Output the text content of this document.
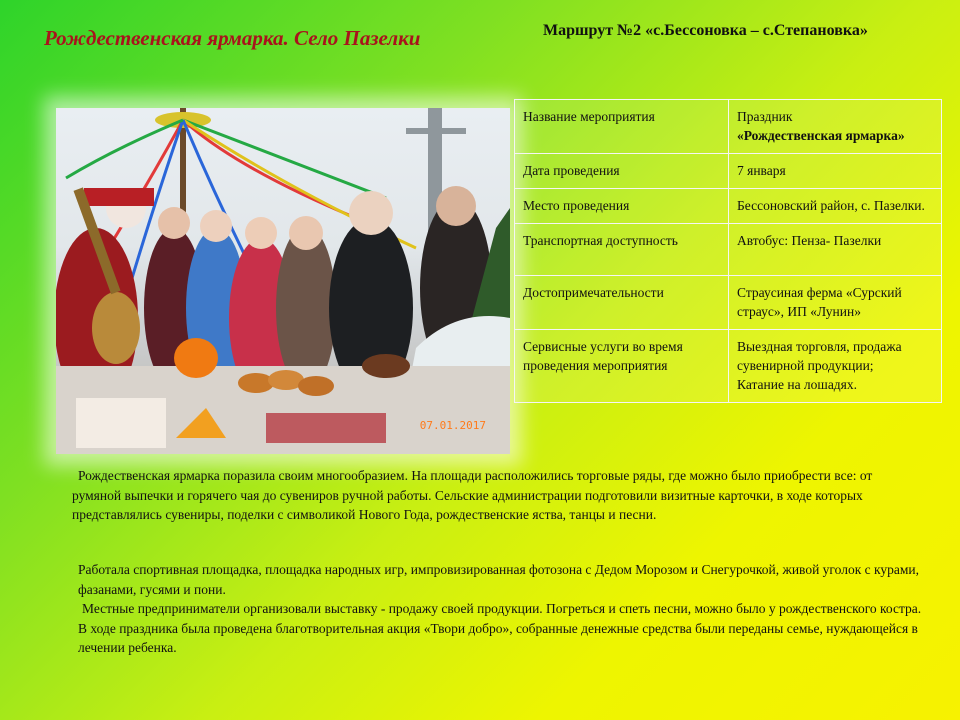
Рождественская ярмарка. Село Пазелки	Маршрут №2 «с.Бессоновка – с.Степановка»
07.01.2017
Название мероприятия	Праздник
«Рождественская ярмарка»
Дата проведения	7 января
Место проведения	Бессоновский район, с. Пазелки.
Транспортная доступность	Автобус: Пенза- Пазелки
Достопримечательности	Страусиная ферма «Сурский страус», ИП «Лунин»
Сервисные услуги во время проведения мероприятия	Выездная торговля, продажа сувенирной продукции;
Катание на лошадях.
Рождественская ярмарка поразила своим многообразием. На площади расположились торговые ряды, где можно было приобрести все: от румяной выпечки и горячего чая до сувениров ручной работы. Сельские администрации подготовили визитные карточки, в ходе которых представлялись сувениры, поделки с символикой Нового Года, рождественские яства, танцы и песни.
Работала спортивная площадка, площадка народных игр, импровизированная фотозона с Дедом Морозом и Снегурочкой, живой уголок с курами, фазанами, гусями и пони.
Местные предприниматели организовали выставку - продажу своей продукции. Погреться и спеть песни, можно было у рождественского костра.
В ходе праздника была проведена благотворительная акция «Твори добро», собранные денежные средства были переданы семье, нуждающейся в лечении ребенка.
